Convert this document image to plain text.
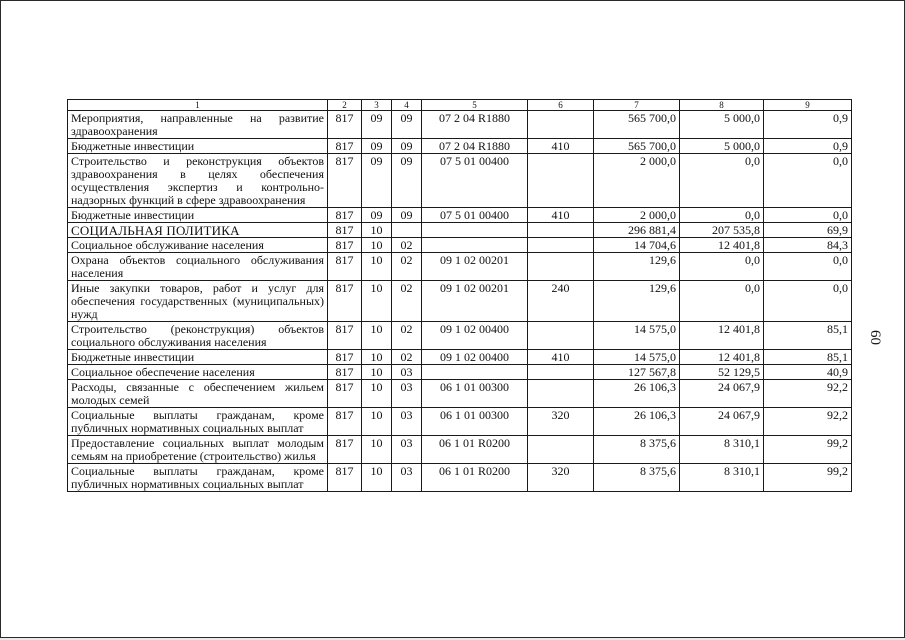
1	2	3	4	5	6	7	8	9
Мероприятия, направленные на развитие здравоохранения	817	09	09	07 2 04 R1880		565 700,0	5 000,0	0,9
Бюджетные инвестиции	817	09	09	07 2 04 R1880	410	565 700,0	5 000,0	0,9
Строительство и реконструкция объектов здравоохранения в целях обеспечения осуществления экспертиз и контрольно-надзорных функций в сфере здравоохранения	817	09	09	07 5 01 00400		2 000,0	0,0	0,0
Бюджетные инвестиции	817	09	09	07 5 01 00400	410	2 000,0	0,0	0,0
СОЦИАЛЬНАЯ ПОЛИТИКА	817	10				296 881,4	207 535,8	69,9
Социальное обслуживание населения	817	10	02			14 704,6	12 401,8	84,3
Охрана объектов социального обслуживания населения	817	10	02	09 1 02 00201		129,6	0,0	0,0
Иные закупки товаров, работ и услуг для обеспечения государственных (муниципальных) нужд	817	10	02	09 1 02 00201	240	129,6	0,0	0,0
Строительство (реконструкция) объектов социального обслуживания населения	817	10	02	09 1 02 00400		14 575,0	12 401,8	85,1
Бюджетные инвестиции	817	10	02	09 1 02 00400	410	14 575,0	12 401,8	85,1
Социальное обеспечение населения	817	10	03			127 567,8	52 129,5	40,9
Расходы, связанные с обеспечением жильем молодых семей	817	10	03	06 1 01 00300		26 106,3	24 067,9	92,2
Социальные выплаты гражданам, кроме публичных нормативных социальных выплат	817	10	03	06 1 01 00300	320	26 106,3	24 067,9	92,2
Предоставление социальных выплат молодым семьям на приобретение (строительство) жилья	817	10	03	06 1 01 R0200		8 375,6	8 310,1	99,2
Социальные выплаты гражданам, кроме публичных нормативных социальных выплат	817	10	03	06 1 01 R0200	320	8 375,6	8 310,1	99,2
60
